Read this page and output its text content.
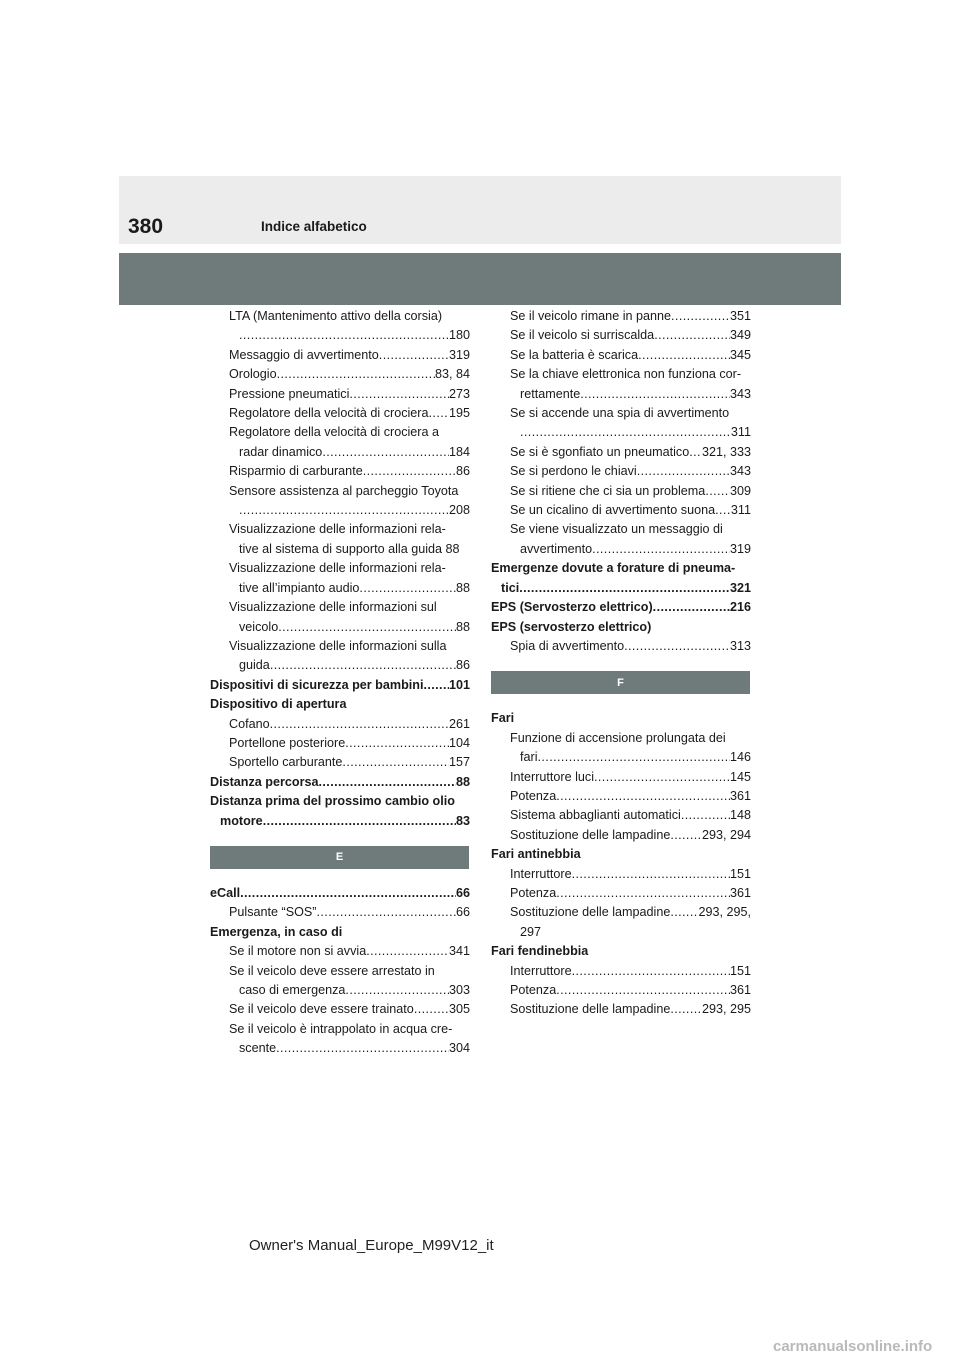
380	Indice alfabetico
LTA (Mantenimento attivo della corsia)
.....
180
Messaggio di avvertimento .....	319
Orologio .....	83, 84
Pressione pneumatici .....	273
Regolatore della velocità di crociera ..... 195
Regolatore della velocità di crociera a
radar dinamico .....	184
Risparmio di carburante .....	86
Sensore assistenza al parcheggio Toyota
.....
208
Visualizzazione delle informazioni rela-
tive al sistema di supporto alla guida 88
Visualizzazione delle informazioni rela-
tive all’impianto audio .....	88
Visualizzazione delle informazioni sul
veicolo .....	88
Visualizzazione delle informazioni sulla
guida .....	86
Dispositivi di sicurezza per bambini ..... 101
Dispositivo di apertura
Cofano .....	261
Portellone posteriore .....	104
Sportello carburante .....	157
Distanza percorsa .....	88
Distanza prima del prossimo cambio olio
motore .....	83
E
eCall .....	66
Pulsante “SOS” .....	66
Emergenza, in caso di
Se il motore non si avvia .....	341
Se il veicolo deve essere arrestato in
caso di emergenza .....	303
Se il veicolo deve essere trainato .....	305
Se il veicolo è intrappolato in acqua cre-
scente .....	304
Se il veicolo rimane in panne .....	351
Se il veicolo si surriscalda .....	349
Se la batteria è scarica .....	345
Se la chiave elettronica non funziona cor-
rettamente .....	343
Se si accende una spia di avvertimento
.....
311
Se si è sgonfiato un pneumatico ..... 321, 333
Se si perdono le chiavi .....	343
Se si ritiene che ci sia un problema ..... 309
Se un cicalino di avvertimento suona ..... 311
Se viene visualizzato un messaggio di
avvertimento .....	319
Emergenze dovute a forature di pneuma-
tici .....	321
EPS (Servosterzo elettrico) .....	216
EPS (servosterzo elettrico)
Spia di avvertimento .....	313
F
Fari
Funzione di accensione prolungata dei
fari .....	146
Interruttore luci .....	145
Potenza .....	361
Sistema abbaglianti automatici .....	148
Sostituzione delle lampadine .....	293, 294
Fari antinebbia
Interruttore .....	151
Potenza .....	361
Sostituzione delle lampadine ..... 293, 295,
297
Fari fendinebbia
Interruttore .....	151
Potenza .....	361
Sostituzione delle lampadine .....	293, 295
Owner's Manual_Europe_M99V12_it
carmanualsonline.info
